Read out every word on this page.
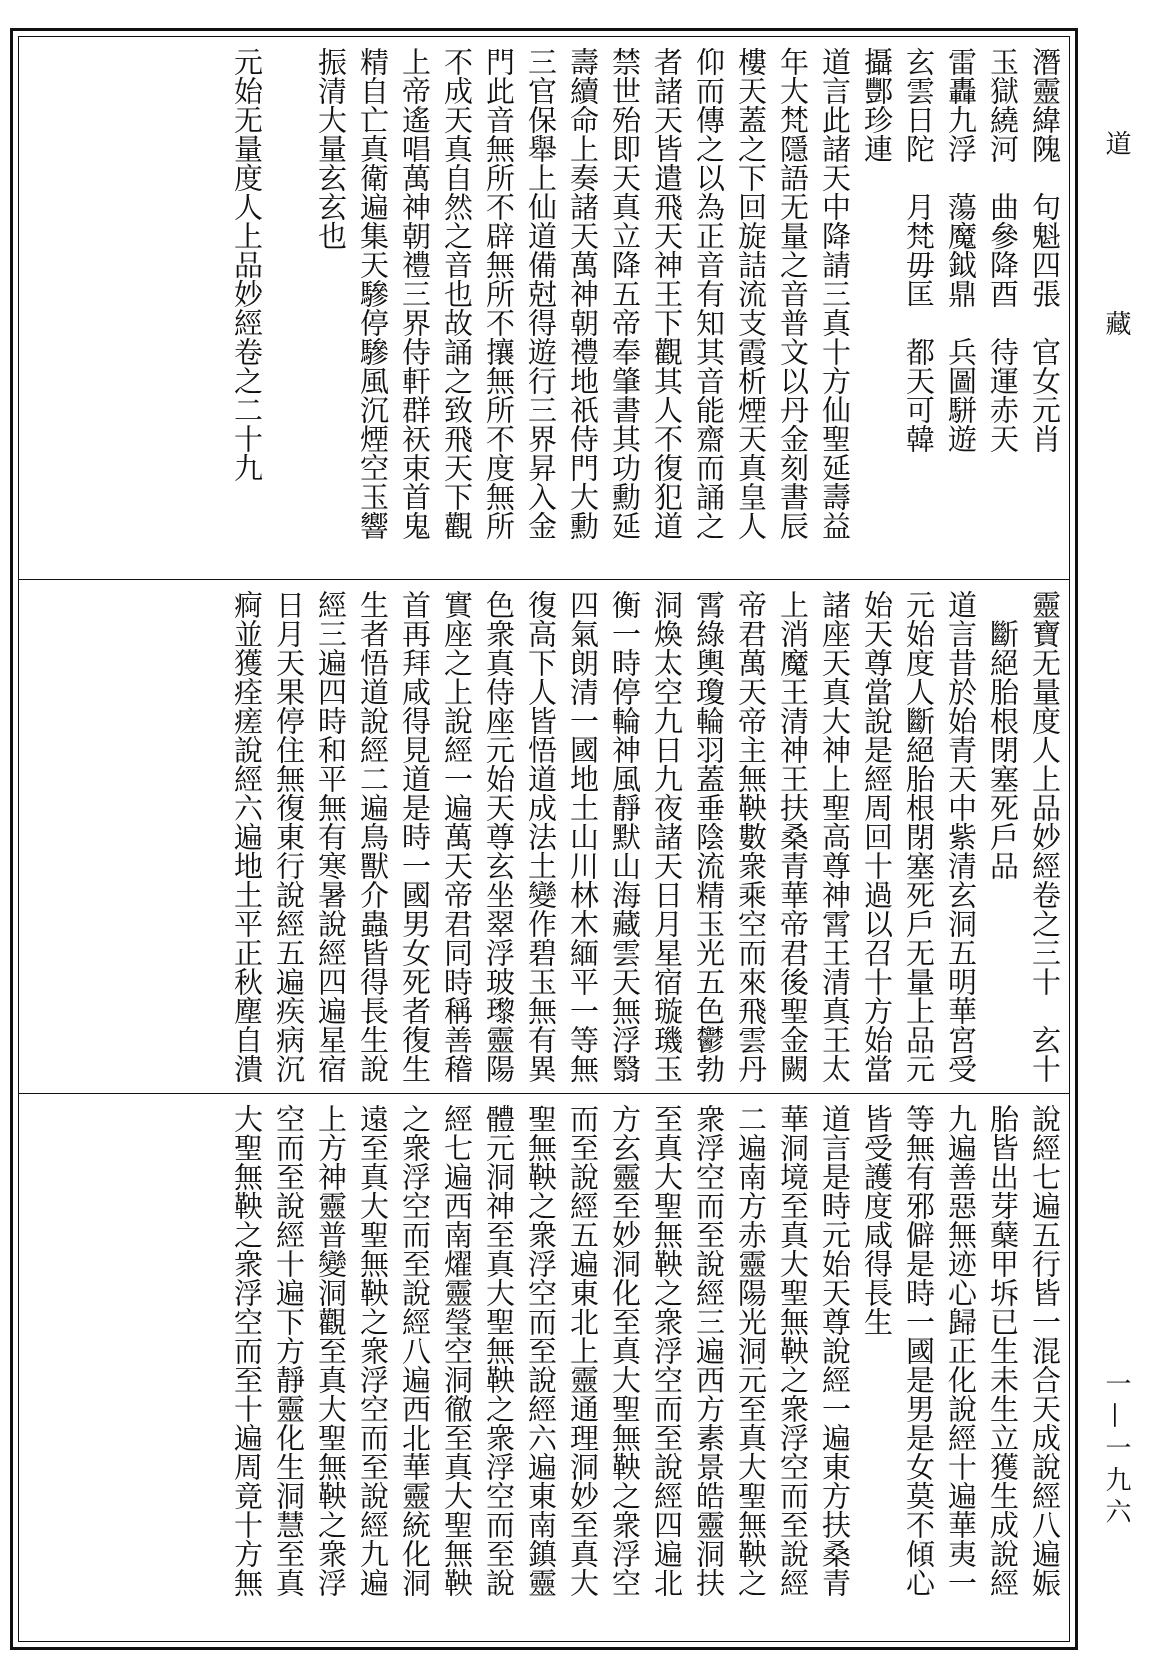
潛靈緯隗　句魁四張　官女元肖
玉獄繞河　曲參降酉　待運赤天
雷轟九浮　蕩魔鉞鼎　兵圖駢遊
玄雲日陀　月梵毋匡　都天可韓
攝酆珍連
道言此諸天中降請三真十方仙聖延壽益
年大梵隱語无量之音普文以丹金刻書辰
樓天蓋之下回旋詰流支霞析煙天真皇人
仰而傳之以為正音有知其音能齋而誦之
者諸天皆遣飛天神王下觀其人不復犯道
禁世殆即天真立降五帝奉肇書其功勳延
壽續命上奏諸天萬神朝禮地祇侍門大勳
三官保舉上仙道備尅得遊行三界昇入金
門此音無所不辟無所不攘無所不度無所
不成天真自然之音也故誦之致飛天下觀
上帝遙唱萬神朝禮三界侍軒群祆束首鬼
精自亡真衛遍集天驂停驂風沉煙空玉響
振清大量玄玄也
元始无量度人上品妙經卷之二十九
靈寶无量度人上品妙經卷之三十　玄十
　斷絕胎根閉塞死戶品
道言昔於始青天中紫清玄洞五明華宮受
元始度人斷絕胎根閉塞死戶无量上品元
始天尊當說是經周回十過以召十方始當
諸座天真大神上聖高尊神霄王清真王太
上消魔王清神王扶桑青華帝君後聖金闕
帝君萬天帝主無鞅數衆乘空而來飛雲丹
霄綠輿瓊輪羽蓋垂陰流精玉光五色鬱勃
洞煥太空九日九夜諸天日月星宿璇璣玉
衡一時停輪神風靜默山海藏雲天無浮翳
四氣朗清一國地土山川林木緬平一等無
復高下人皆悟道成法土變作碧玉無有異
色衆真侍座元始天尊玄坐翠浮玻瓈靈陽
實座之上說經一遍萬天帝君同時稱善稽
首再拜咸得見道是時一國男女死者復生
生者悟道說經二遍鳥獸介蟲皆得長生說
經三遍四時和平無有寒暑說經四遍星宿
日月天果停住無復東行說經五遍疾病沉
痾並獲痊瘥說經六遍地土平正秋塵自潰
說經七遍五行皆一混合天成說經八遍娠
胎皆出芽蘖甲坼已生未生立獲生成說經
九遍善惡無迹心歸正化說經十遍華夷一
等無有邪僻是時一國是男是女莫不傾心
皆受護度咸得長生
道言是時元始天尊說經一遍東方扶桑青
華洞境至真大聖無鞅之衆浮空而至說經
二遍南方赤靈陽光洞元至真大聖無鞅之
衆浮空而至說經三遍西方素景皓靈洞扶
至真大聖無鞅之衆浮空而至說經四遍北
方玄靈至妙洞化至真大聖無鞅之衆浮空
而至說經五遍東北上靈通理洞妙至真大
聖無鞅之衆浮空而至說經六遍東南鎮靈
體元洞神至真大聖無鞅之衆浮空而至說
經七遍西南燿靈瑩空洞徹至真大聖無鞅
之衆浮空而至說經八遍西北華靈統化洞
遠至真大聖無鞅之衆浮空而至說經九遍
上方神靈普變洞觀至真大聖無鞅之衆浮
空而至說經十遍下方靜靈化生洞慧至真
大聖無鞅之衆浮空而至十遍周竟十方無
道
藏
一—一九六
